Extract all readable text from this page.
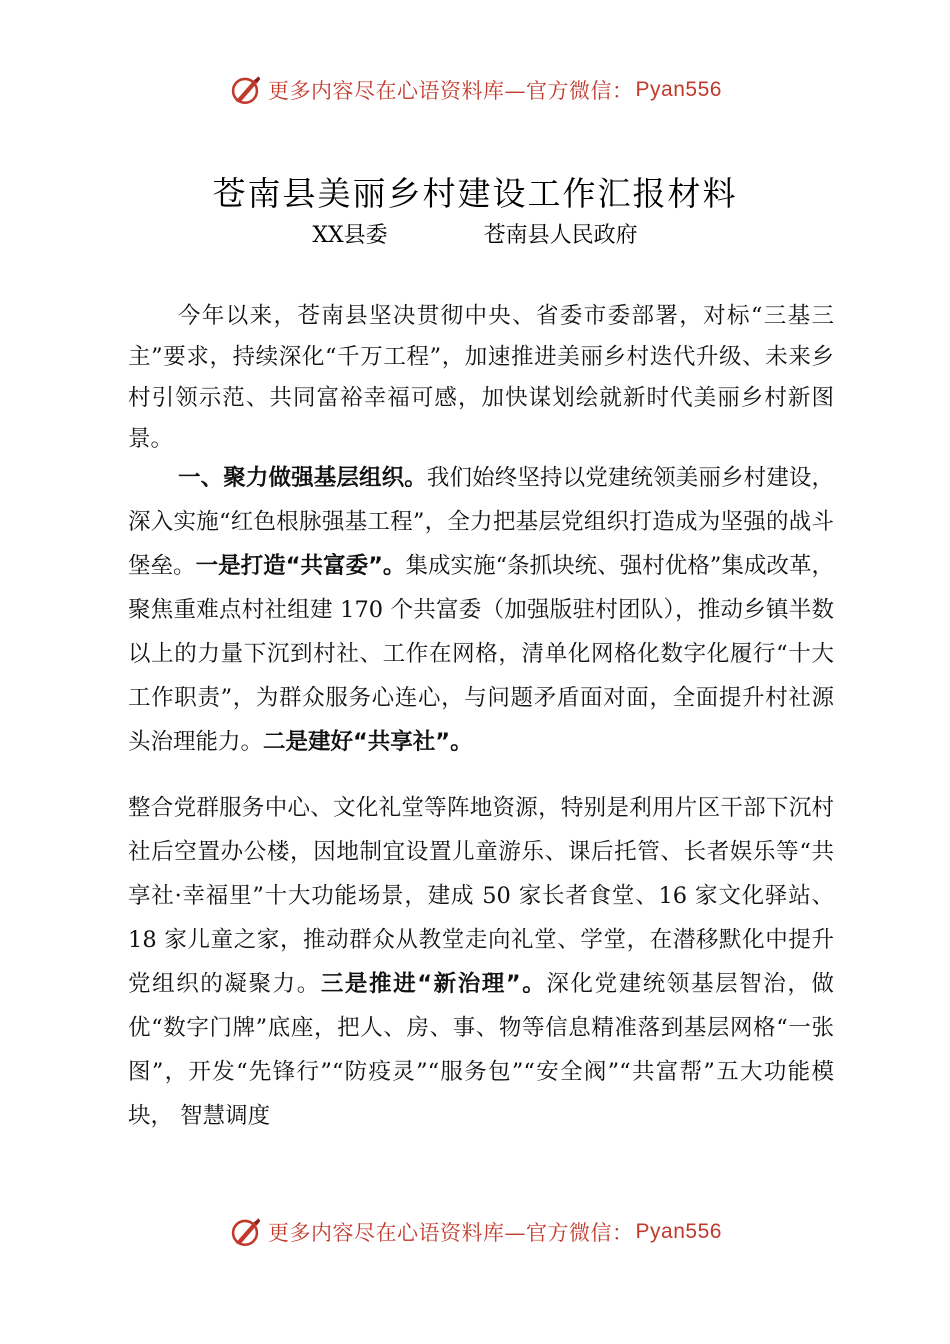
更多内容尽在心语资料库—官方微信： Pyan556
苍南县美丽乡村建设工作汇报材料
XX县委	苍南县人民政府

今年以来，苍南县坚决贯彻中央、省委市委部署，对标“三基三主”要求，持续深化“千万工程”，加速推进美丽乡村迭代升级、未来乡村引领示范、共同富裕幸福可感，加快谋划绘就新时代美丽乡村新图景。

一、聚力做强基层组织。我们始终坚持以党建统领美丽乡村建设，深入实施“红色根脉强基工程”，全力把基层党组织打造成为坚强的战斗堡垒。一是打造“共富委”。集成实施“条抓块统、强村优格”集成改革，聚焦重难点村社组建 170 个共富委（加强版驻村团队），推动乡镇半数以上的力量下沉到村社、工作在网格，清单化网格化数字化履行“十大工作职责”，为群众服务心连心，与问题矛盾面对面，全面提升村社源头治理能力。二是建好“共享社”。

整合党群服务中心、文化礼堂等阵地资源，特别是利用片区干部下沉村社后空置办公楼，因地制宜设置儿童游乐、课后托管、长者娱乐等“共享社·幸福里”十大功能场景，建成 50 家长者食堂、16 家文化驿站、18 家儿童之家，推动群众从教堂走向礼堂、学堂，在潜移默化中提升党组织的凝聚力。三是推进“新治理”。深化党建统领基层智治，做优“数字门牌”底座，把人、房、事、物等信息精准落到基层网格“一张图”，开发“先锋行”“防疫灵”“服务包”“安全阀”“共富帮”五大功能模块， 智慧调度

更多内容尽在心语资料库—官方微信： Pyan556
